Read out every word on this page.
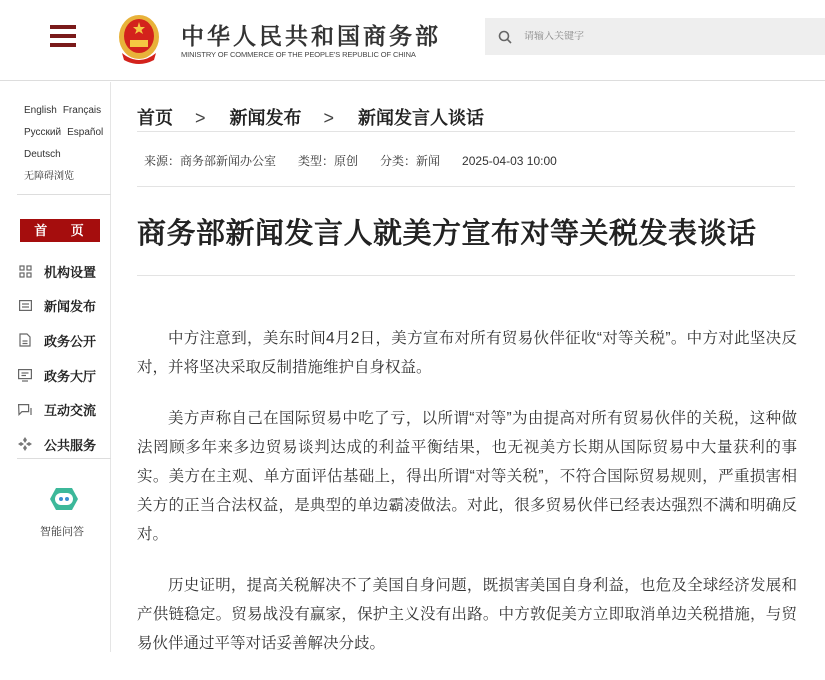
中华人民共和国商务部
MINISTRY OF COMMERCE OF THE PEOPLE'S REPUBLIC OF CHINA
请输入关键字
English Français
Русский Español
Deutsch
无障碍浏览
首 页
机构设置
新闻发布
政务公开
政务大厅
互动交流
公共服务
智能问答
首页 > 新闻发布 > 新闻发言人谈话
来源：商务部新闻办公室 类型：原创 分类：新闻 2025-04-03 10:00
商务部新闻发言人就美方宣布对等关税发表谈话

中方注意到，美东时间4月2日，美方宣布对所有贸易伙伴征收“对等关税”。中方对此坚决反对，并将坚决采取反制措施维护自身权益。

美方声称自己在国际贸易中吃了亏，以所谓“对等”为由提高对所有贸易伙伴的关税，这种做法罔顾多年来多边贸易谈判达成的利益平衡结果，也无视美方长期从国际贸易中大量获利的事实。美方在主观、单方面评估基础上，得出所谓“对等关税”，不符合国际贸易规则，严重损害相关方的正当合法权益，是典型的单边霸凌做法。对此，很多贸易伙伴已经表达强烈不满和明确反对。

历史证明，提高关税解决不了美国自身问题，既损害美国自身利益，也危及全球经济发展和产供链稳定。贸易战没有赢家，保护主义没有出路。中方敦促美方立即取消单边关税措施，与贸易伙伴通过平等对话妥善解决分歧。
